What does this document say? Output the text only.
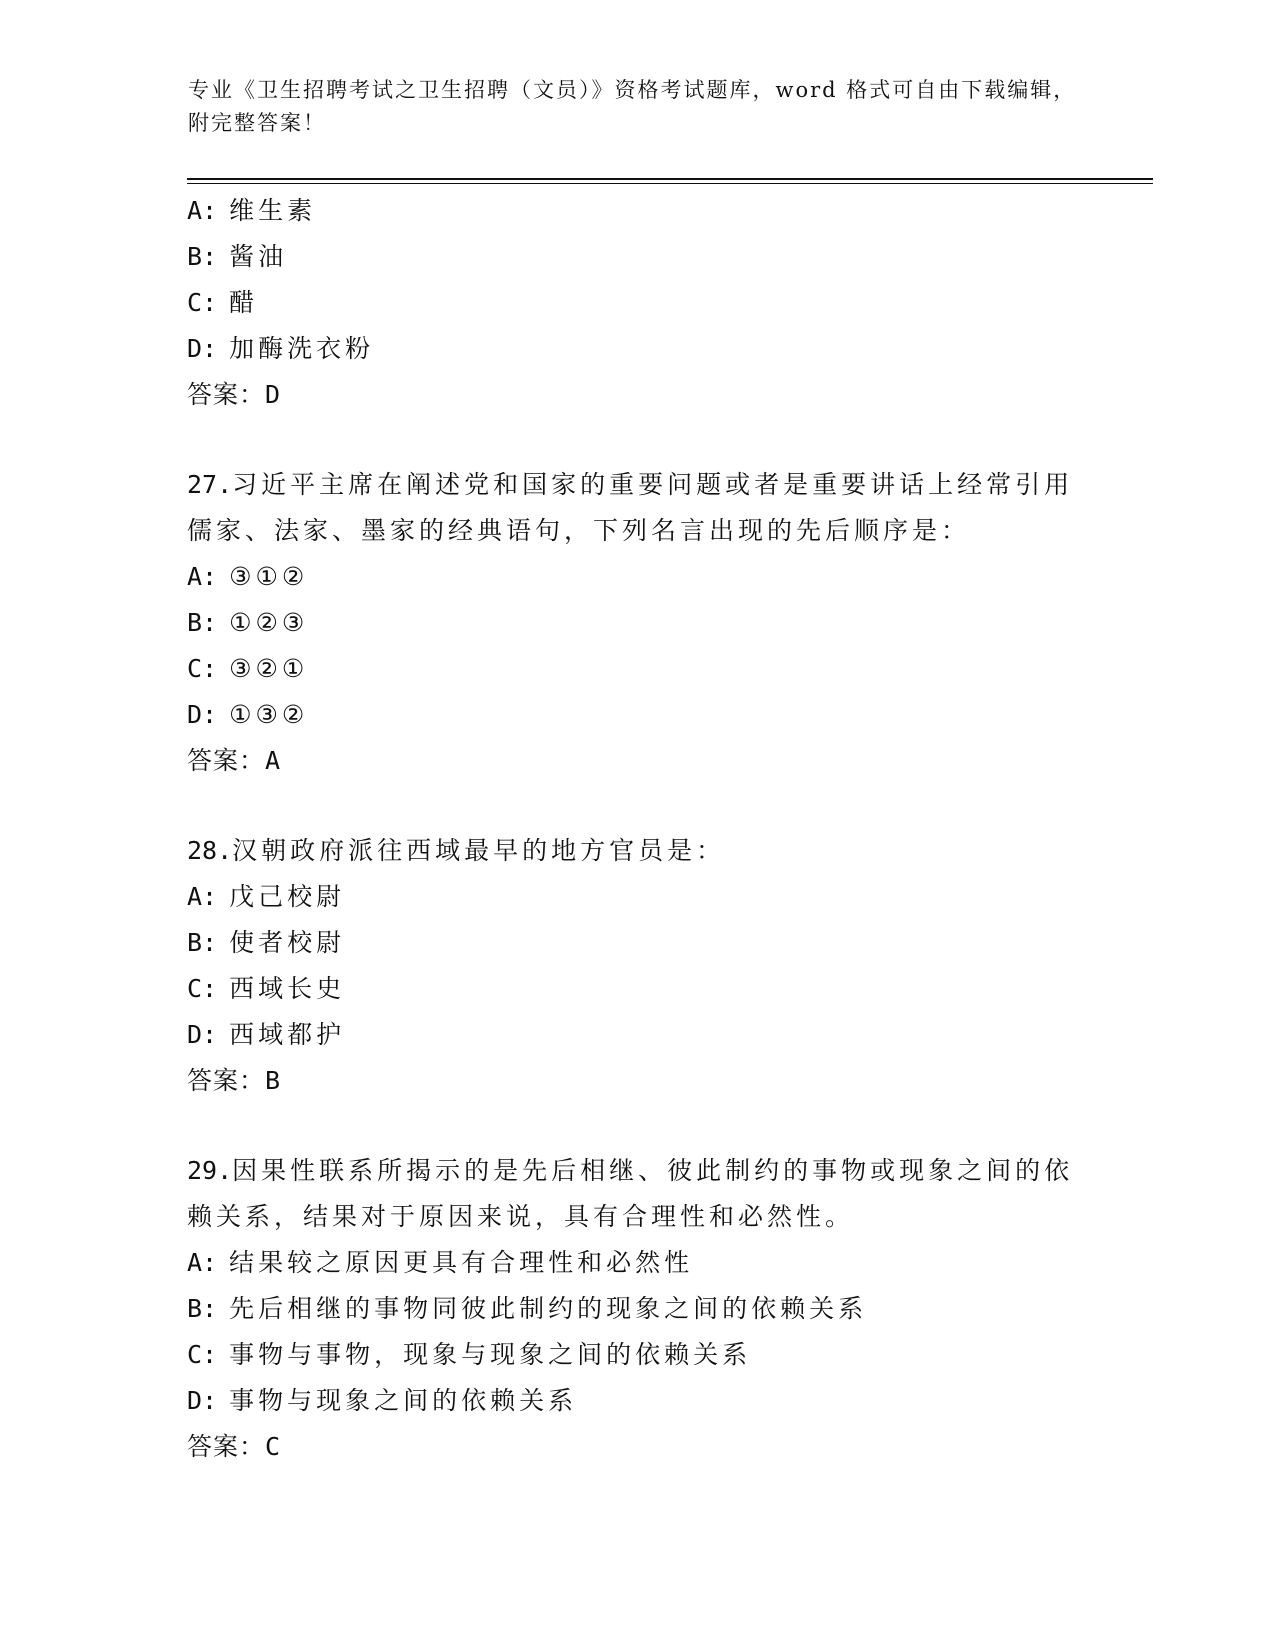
专业《卫生招聘考试之卫生招聘（文员）》资格考试题库，word 格式可自由下载编辑，附完整答案！
A: 维生素
B: 酱油
C: 醋
D: 加酶洗衣粉
答案：D
27.习近平主席在阐述党和国家的重要问题或者是重要讲话上经常引用
儒家、法家、墨家的经典语句，下列名言出现的先后顺序是：
A: ③①②
B: ①②③
C: ③②①
D: ①③②
答案：A
28.汉朝政府派往西域最早的地方官员是：
A: 戊己校尉
B: 使者校尉
C: 西域长史
D: 西域都护
答案：B
29.因果性联系所揭示的是先后相继、彼此制约的事物或现象之间的依
赖关系，结果对于原因来说，具有合理性和必然性。
A: 结果较之原因更具有合理性和必然性
B: 先后相继的事物同彼此制约的现象之间的依赖关系
C: 事物与事物，现象与现象之间的依赖关系
D: 事物与现象之间的依赖关系
答案：C
